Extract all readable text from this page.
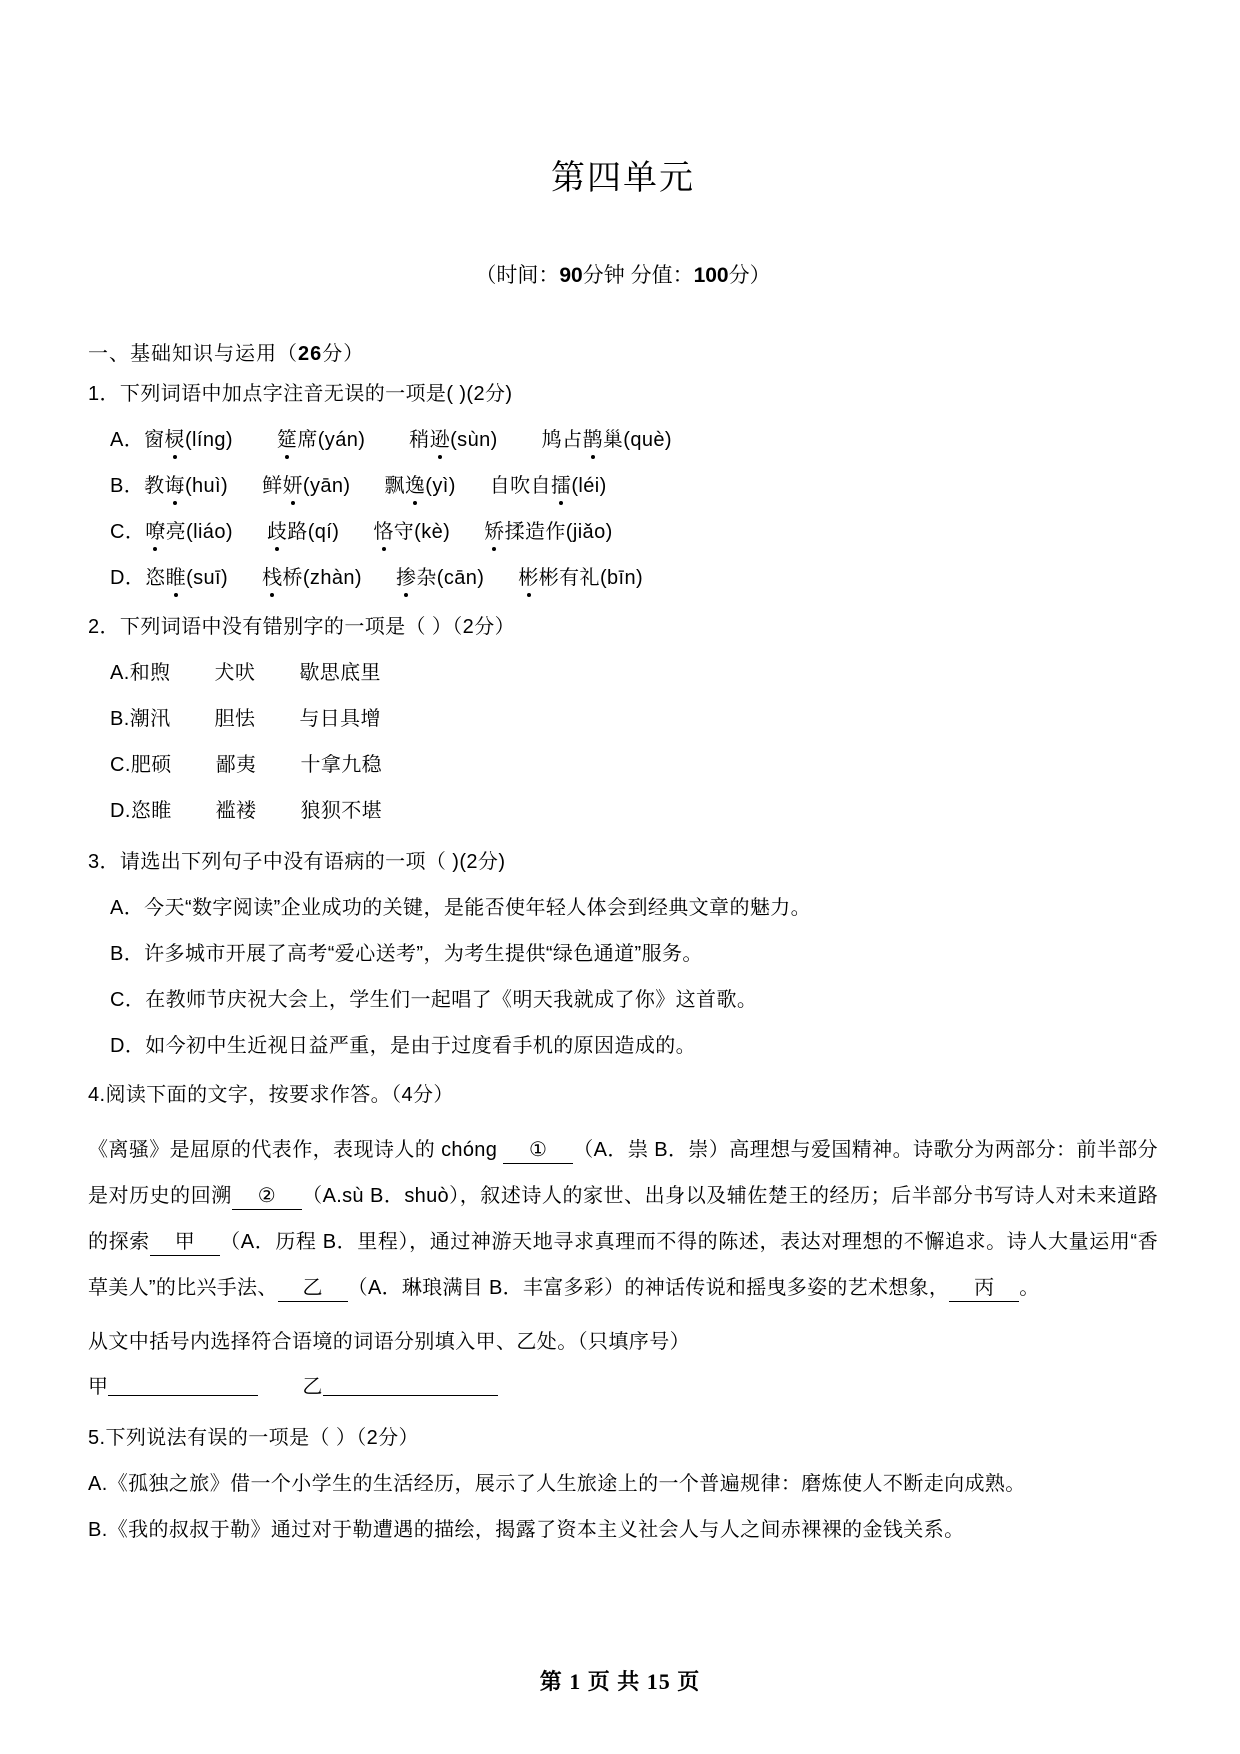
第四单元

（时间：90分钟 分值：100分）

一、基础知识与运用（26分）

1．下列词语中加点字注音无误的一项是( )(2分)

A．窗棂(líng) 筵席(yán) 稍逊(sùn) 鸠占鹊巢(què)

B．教诲(huì) 鲜妍(yān) 飘逸(yì) 自吹自擂(léi)

C．嘹亮(liáo) 歧路(qí) 恪守(kè) 矫揉造作(jiǎo)

D．恣睢(suī) 栈桥(zhàn) 掺杂(cān) 彬彬有礼(bīn)

2．下列词语中没有错别字的一项是（ ）（2分）

A.和煦 犬吠 歇思底里

B.潮汛 胆怯 与日具增

C.肥硕 鄙夷 十拿九稳

D.恣睢 褴褛 狼狈不堪

3．请选出下列句子中没有语病的一项（ )(2分)

A．今天“数字阅读”企业成功的关键，是能否使年轻人体会到经典文章的魅力。

B．许多城市开展了高考“爱心送考”，为考生提供“绿色通道”服务。

C．在教师节庆祝大会上，学生们一起唱了《明天我就成了你》这首歌。

D．如今初中生近视日益严重，是由于过度看手机的原因造成的。

4.阅读下面的文字，按要求作答。（4分）

《离骚》是屈原的代表作，表现诗人的 chóng ① （A．祟 B．崇）高理想与爱国精神。诗歌分为两部分：前半部分是对历史的回溯 ② （A.sù B．shuò），叙述诗人的家世、出身以及辅佐楚王的经历；后半部分书写诗人对未来道路的探索 甲 （A．历程 B．里程），通过神游天地寻求真理而不得的陈述，表达对理想的不懈追求。诗人大量运用“香草美人”的比兴手法、 乙 （A．琳琅满目 B．丰富多彩）的神话传说和摇曳多姿的艺术想象， 丙 。

从文中括号内选择符合语境的词语分别填入甲、乙处。（只填序号）

甲	乙

5.下列说法有误的一项是（ ）（2分）

A.《孤独之旅》借一个小学生的生活经历，展示了人生旅途上的一个普遍规律：磨炼使人不断走向成熟。

B.《我的叔叔于勒》通过对于勒遭遇的描绘，揭露了资本主义社会人与人之间赤裸裸的金钱关系。

第 1 页 共 15 页
